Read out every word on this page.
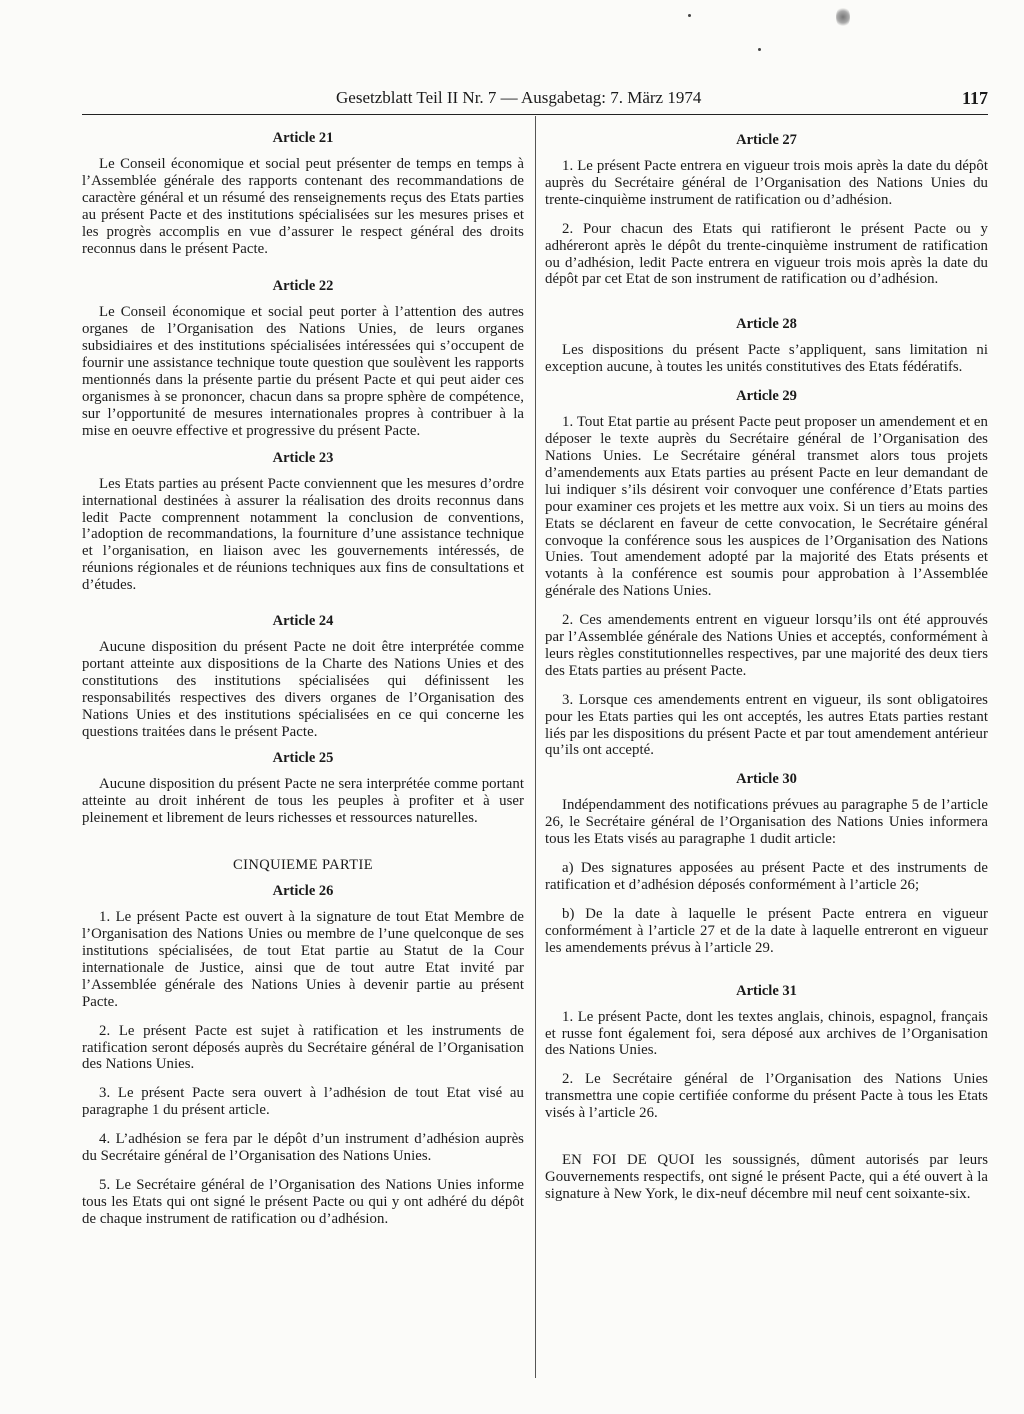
Gesetzblatt Teil II Nr. 7 — Ausgabetag: 7. März 1974	117
Article 21

Le Conseil économique et social peut présenter de temps en temps à l’Assemblée générale des rapports contenant des recommandations de caractère général et un résumé des renseignements reçus des Etats parties au présent Pacte et des institutions spécialisées sur les mesures prises et les progrès accomplis en vue d’assurer le respect général des droits reconnus dans le présent Pacte.

Article 22

Le Conseil économique et social peut porter à l’attention des autres organes de l’Organisation des Nations Unies, de leurs organes subsidiaires et des institutions spécialisées intéressées qui s’occupent de fournir une assistance technique toute question que soulèvent les rapports mentionnés dans la présente partie du présent Pacte et qui peut aider ces organismes à se prononcer, chacun dans sa propre sphère de compétence, sur l’opportunité de mesures internationales propres à contribuer à la mise en oeuvre effective et progressive du présent Pacte.

Article 23

Les Etats parties au présent Pacte conviennent que les mesures d’ordre international destinées à assurer la réalisation des droits reconnus dans ledit Pacte comprennent notamment la conclusion de conventions, l’adoption de recommandations, la fourniture d’une assistance technique et l’organisation, en liaison avec les gouvernements intéressés, de réunions régionales et de réunions techniques aux fins de consultations et d’études.

Article 24

Aucune disposition du présent Pacte ne doit être interprétée comme portant atteinte aux dispositions de la Charte des Nations Unies et des constitutions des institutions spécialisées qui définissent les responsabilités respectives des divers organes de l’Organisation des Nations Unies et des institutions spécialisées en ce qui concerne les questions traitées dans le présent Pacte.

Article 25

Aucune disposition du présent Pacte ne sera interprétée comme portant atteinte au droit inhérent de tous les peuples à profiter et à user pleinement et librement de leurs richesses et ressources naturelles.

CINQUIEME PARTIE
Article 26

1. Le présent Pacte est ouvert à la signature de tout Etat Membre de l’Organisation des Nations Unies ou membre de l’une quelconque de ses institutions spécialisées, de tout Etat partie au Statut de la Cour internationale de Justice, ainsi que de tout autre Etat invité par l’Assemblée générale des Nations Unies à devenir partie au présent Pacte.

2. Le présent Pacte est sujet à ratification et les instruments de ratification seront déposés auprès du Secrétaire général de l’Organisation des Nations Unies.

3. Le présent Pacte sera ouvert à l’adhésion de tout Etat visé au paragraphe 1 du présent article.

4. L’adhésion se fera par le dépôt d’un instrument d’adhésion auprès du Secrétaire général de l’Organisation des Nations Unies.

5. Le Secrétaire général de l’Organisation des Nations Unies informe tous les Etats qui ont signé le présent Pacte ou qui y ont adhéré du dépôt de chaque instrument de ratification ou d’adhésion.

Article 27

1. Le présent Pacte entrera en vigueur trois mois après la date du dépôt auprès du Secrétaire général de l’Organisation des Nations Unies du trente-cinquième instrument de ratification ou d’adhésion.

2. Pour chacun des Etats qui ratifieront le présent Pacte ou y adhéreront après le dépôt du trente-cinquième instrument de ratification ou d’adhésion, ledit Pacte entrera en vigueur trois mois après la date du dépôt par cet Etat de son instrument de ratification ou d’adhésion.

Article 28

Les dispositions du présent Pacte s’appliquent, sans limitation ni exception aucune, à toutes les unités constitutives des Etats fédératifs.

Article 29

1. Tout Etat partie au présent Pacte peut proposer un amendement et en déposer le texte auprès du Secrétaire général de l’Organisation des Nations Unies. Le Secrétaire général transmet alors tous projets d’amendements aux Etats parties au présent Pacte en leur demandant de lui indiquer s’ils désirent voir convoquer une conférence d’Etats parties pour examiner ces projets et les mettre aux voix. Si un tiers au moins des Etats se déclarent en faveur de cette convocation, le Secrétaire général convoque la conférence sous les auspices de l’Organisation des Nations Unies. Tout amendement adopté par la majorité des Etats présents et votants à la conférence est soumis pour approbation à l’Assemblée générale des Nations Unies.

2. Ces amendements entrent en vigueur lorsqu’ils ont été approuvés par l’Assemblée générale des Nations Unies et acceptés, conformément à leurs règles constitutionnelles respectives, par une majorité des deux tiers des Etats parties au présent Pacte.

3. Lorsque ces amendements entrent en vigueur, ils sont obligatoires pour les Etats parties qui les ont acceptés, les autres Etats parties restant liés par les dispositions du présent Pacte et par tout amendement antérieur qu’ils ont accepté.

Article 30

Indépendamment des notifications prévues au paragraphe 5 de l’article 26, le Secrétaire général de l’Organisation des Nations Unies informera tous les Etats visés au paragraphe 1 dudit article:

a) Des signatures apposées au présent Pacte et des instruments de ratification et d’adhésion déposés conformément à l’article 26;

b) De la date à laquelle le présent Pacte entrera en vigueur conformément à l’article 27 et de la date à laquelle entreront en vigueur les amendements prévus à l’article 29.

Article 31

1. Le présent Pacte, dont les textes anglais, chinois, espagnol, français et russe font également foi, sera déposé aux archives de l’Organisation des Nations Unies.

2. Le Secrétaire général de l’Organisation des Nations Unies transmettra une copie certifiée conforme du présent Pacte à tous les Etats visés à l’article 26.

EN FOI DE QUOI les soussignés, dûment autorisés par leurs Gouvernements respectifs, ont signé le présent Pacte, qui a été ouvert à la signature à New York, le dix-neuf décembre mil neuf cent soixante-six.
